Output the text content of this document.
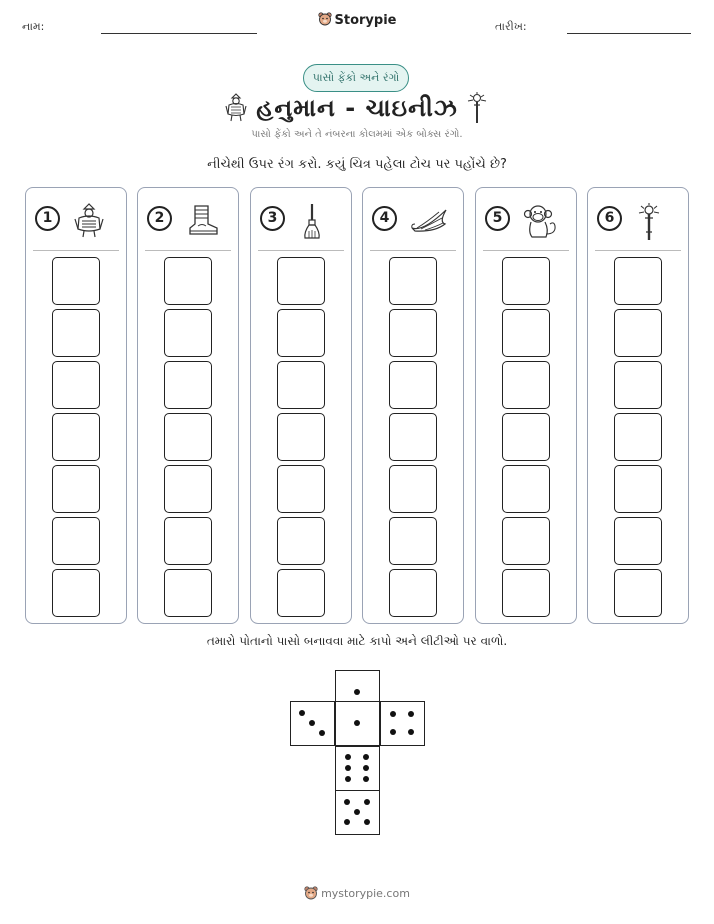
નામ:	Storypie	તારીખ:
પાસો ફેંકો અને રંગો
હનુમાન - ચાઇનીઝ
પાસો ફેંકો અને તે નંબરના કોલમમાં એક બોક્સ રંગો.
નીચેથી ઉપર રંગ કરો. કયું ચિત્ર પહેલા ટોચ પર પહોંચે છે?
1	2	3	4	5	6
તમારો પોતાનો પાસો બનાવવા માટે કાપો અને લીટીઓ પર વાળો.
mystorypie.com
